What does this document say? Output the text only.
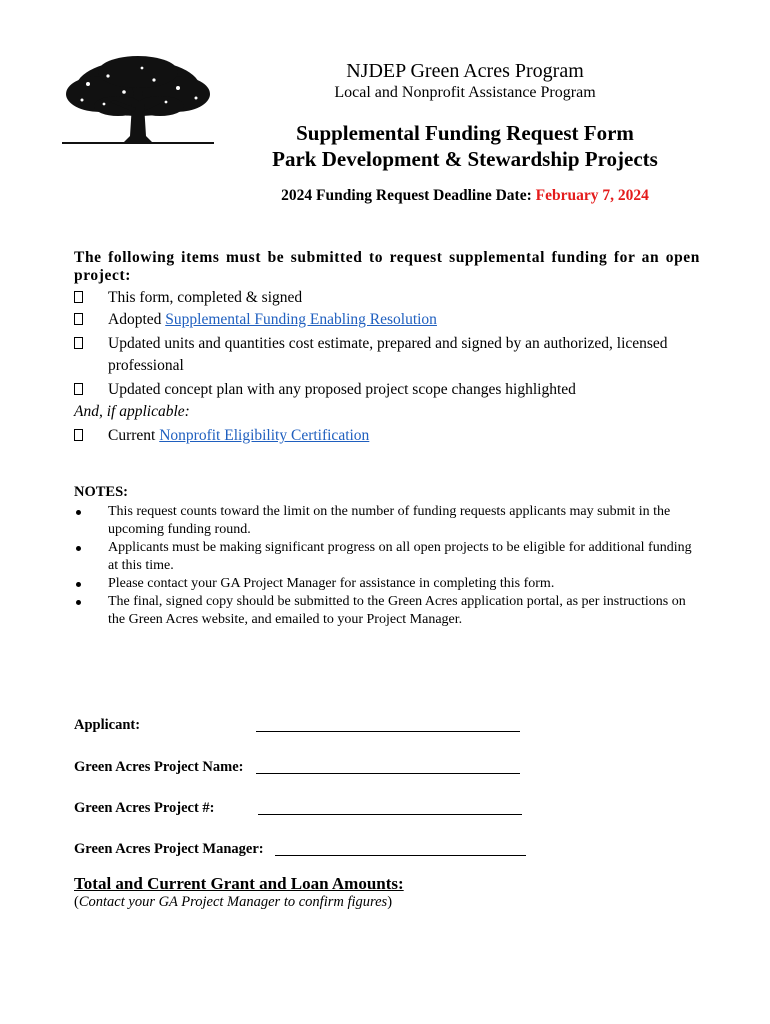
NJDEP Green Acres Program
Local and Nonprofit Assistance Program
Supplemental Funding Request Form
Park Development & Stewardship Projects
2024 Funding Request Deadline Date: February 7, 2024
The following items must be submitted to request supplemental funding for an open project:
This form, completed & signed
Adopted Supplemental Funding Enabling Resolution
Updated units and quantities cost estimate, prepared and signed by an authorized, licensed professional
Updated concept plan with any proposed project scope changes highlighted
And, if applicable:
Current Nonprofit Eligibility Certification
NOTES:
This request counts toward the limit on the number of funding requests applicants may submit in the upcoming funding round.
Applicants must be making significant progress on all open projects to be eligible for additional funding at this time.
Please contact your GA Project Manager for assistance in completing this form.
The final, signed copy should be submitted to the Green Acres application portal, as per instructions on the Green Acres website, and emailed to your Project Manager.
Applicant:
Green Acres Project Name:
Green Acres Project #:
Green Acres Project Manager:
Total and Current Grant and Loan Amounts:
(Contact your GA Project Manager to confirm figures)
